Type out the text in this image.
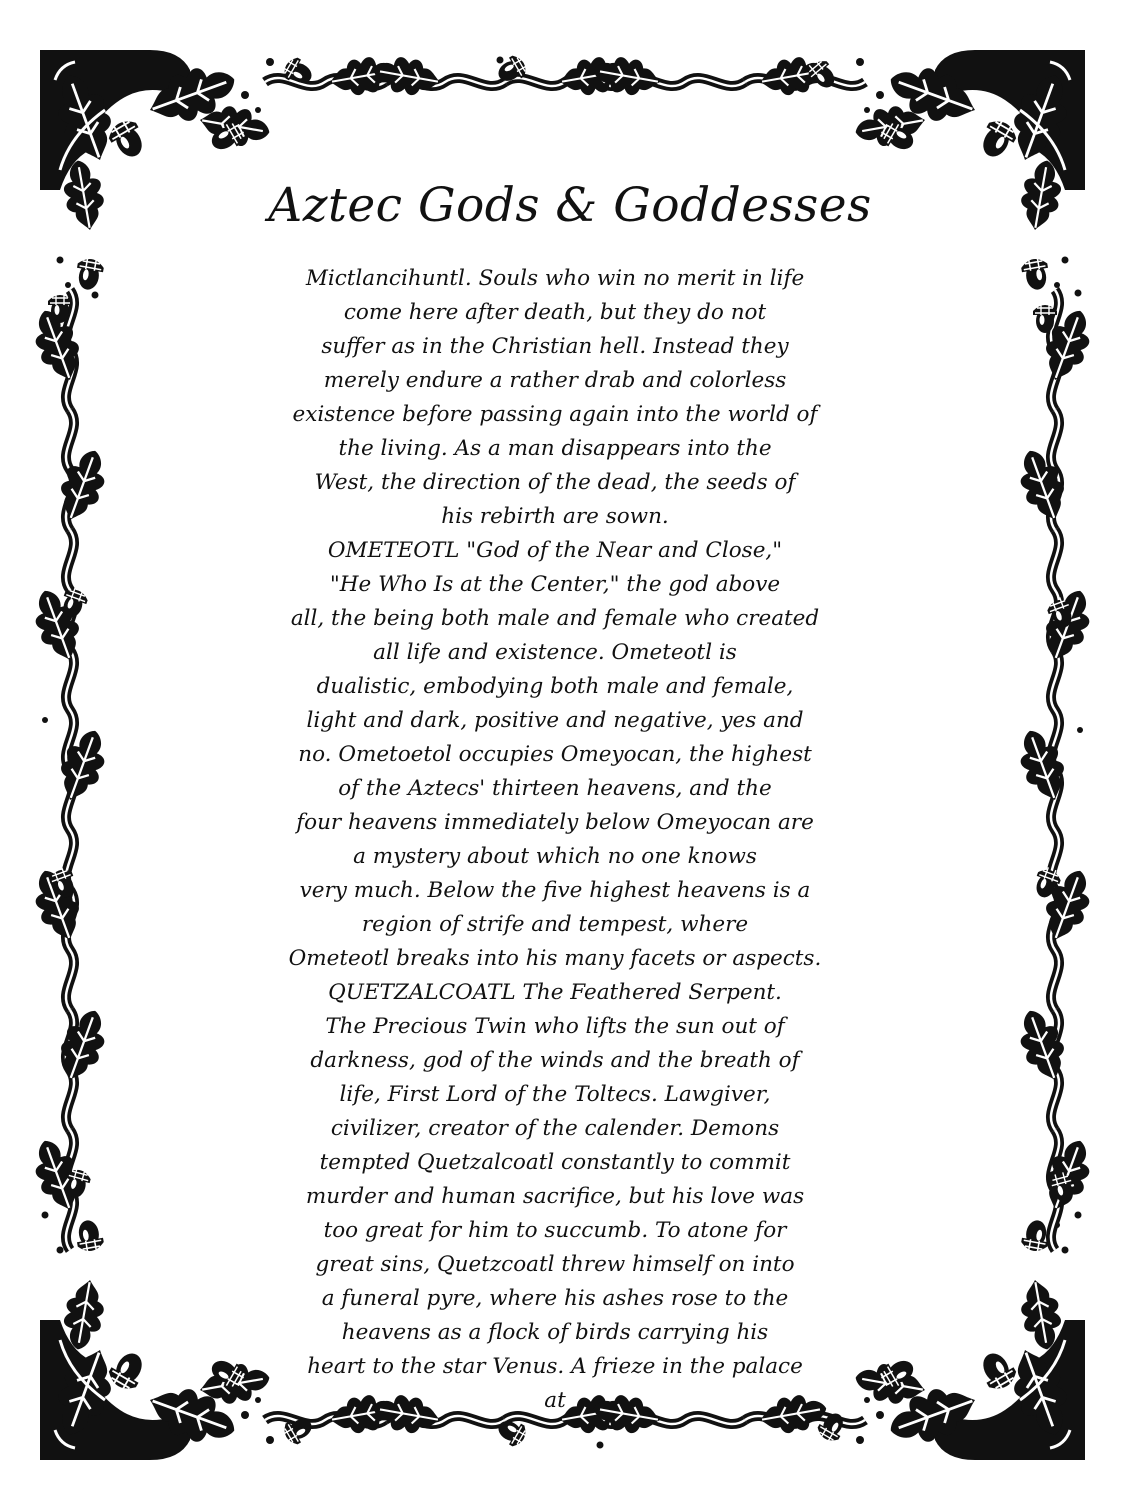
Aztec Gods & Goddesses
Mictlancihuntl. Souls who win no merit in life
come here after death, but they do not
suffer as in the Christian hell. Instead they
merely endure a rather drab and colorless
existence before passing again into the world of
the living. As a man disappears into the
West, the direction of the dead, the seeds of
his rebirth are sown.
OMETEOTL "God of the Near and Close,"
"He Who Is at the Center," the god above
all, the being both male and female who created
all life and existence. Ometeotl is
dualistic, embodying both male and female,
light and dark, positive and negative, yes and
no. Ometoetol occupies Omeyocan, the highest
of the Aztecs' thirteen heavens, and the
four heavens immediately below Omeyocan are
a mystery about which no one knows
very much. Below the five highest heavens is a
region of strife and tempest, where
Ometeotl breaks into his many facets or aspects.
QUETZALCOATL The Feathered Serpent.
The Precious Twin who lifts the sun out of
darkness, god of the winds and the breath of
life, First Lord of the Toltecs. Lawgiver,
civilizer, creator of the calender. Demons
tempted Quetzalcoatl constantly to commit
murder and human sacrifice, but his love was
too great for him to succumb. To atone for
great sins, Quetzcoatl threw himself on into
a funeral pyre, where his ashes rose to the
heavens as a flock of birds carrying his
heart to the star Venus. A frieze in the palace
at
